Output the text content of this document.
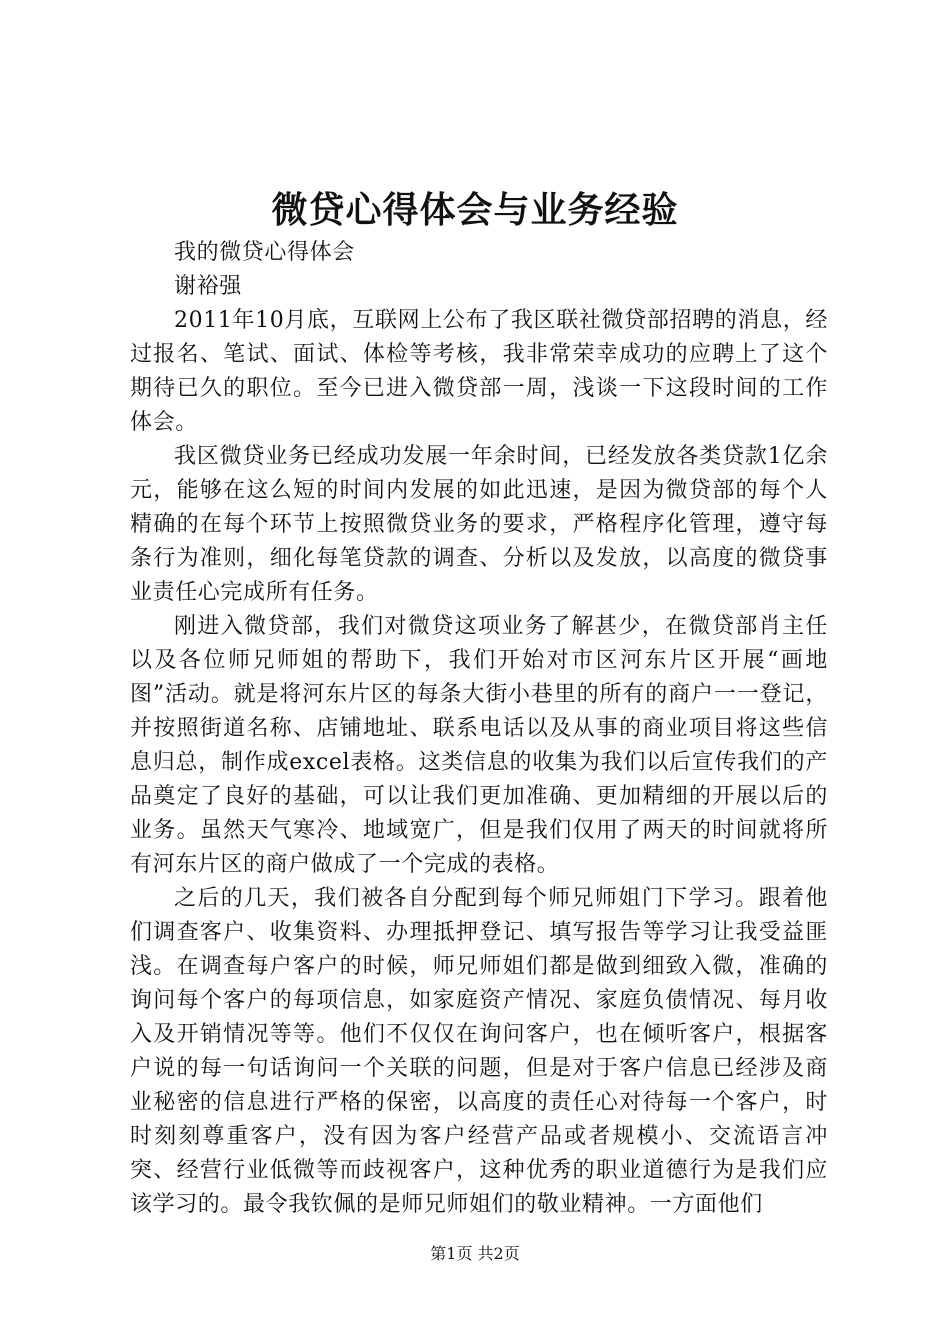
微贷心得体会与业务经验

我的微贷心得体会

谢裕强

2011年10月底，互联网上公布了我区联社微贷部招聘的消息，经过报名、笔试、面试、体检等考核，我非常荣幸成功的应聘上了这个期待已久的职位。至今已进入微贷部一周，浅谈一下这段时间的工作体会。

我区微贷业务已经成功发展一年余时间，已经发放各类贷款1亿余元，能够在这么短的时间内发展的如此迅速，是因为微贷部的每个人精确的在每个环节上按照微贷业务的要求，严格程序化管理，遵守每条行为准则，细化每笔贷款的调查、分析以及发放，以高度的微贷事业责任心完成所有任务。

刚进入微贷部，我们对微贷这项业务了解甚少，在微贷部肖主任以及各位师兄师姐的帮助下，我们开始对市区河东片区开展“画地图”活动。就是将河东片区的每条大街小巷里的所有的商户一一登记，并按照街道名称、店铺地址、联系电话以及从事的商业项目将这些信息归总，制作成excel表格。这类信息的收集为我们以后宣传我们的产品奠定了良好的基础，可以让我们更加准确、更加精细的开展以后的业务。虽然天气寒冷、地域宽广，但是我们仅用了两天的时间就将所有河东片区的商户做成了一个完成的表格。

之后的几天，我们被各自分配到每个师兄师姐门下学习。跟着他们调查客户、收集资料、办理抵押登记、填写报告等学习让我受益匪浅。在调查每户客户的时候，师兄师姐们都是做到细致入微，准确的询问每个客户的每项信息，如家庭资产情况、家庭负债情况、每月收入及开销情况等等。他们不仅仅在询问客户，也在倾听客户，根据客户说的每一句话询问一个关联的问题，但是对于客户信息已经涉及商业秘密的信息进行严格的保密，以高度的责任心对待每一个客户，时时刻刻尊重客户，没有因为客户经营产品或者规模小、交流语言冲突、经营行业低微等而歧视客户，这种优秀的职业道德行为是我们应该学习的。最令我钦佩的是师兄师姐们的敬业精神。一方面他们

第1页 共2页
